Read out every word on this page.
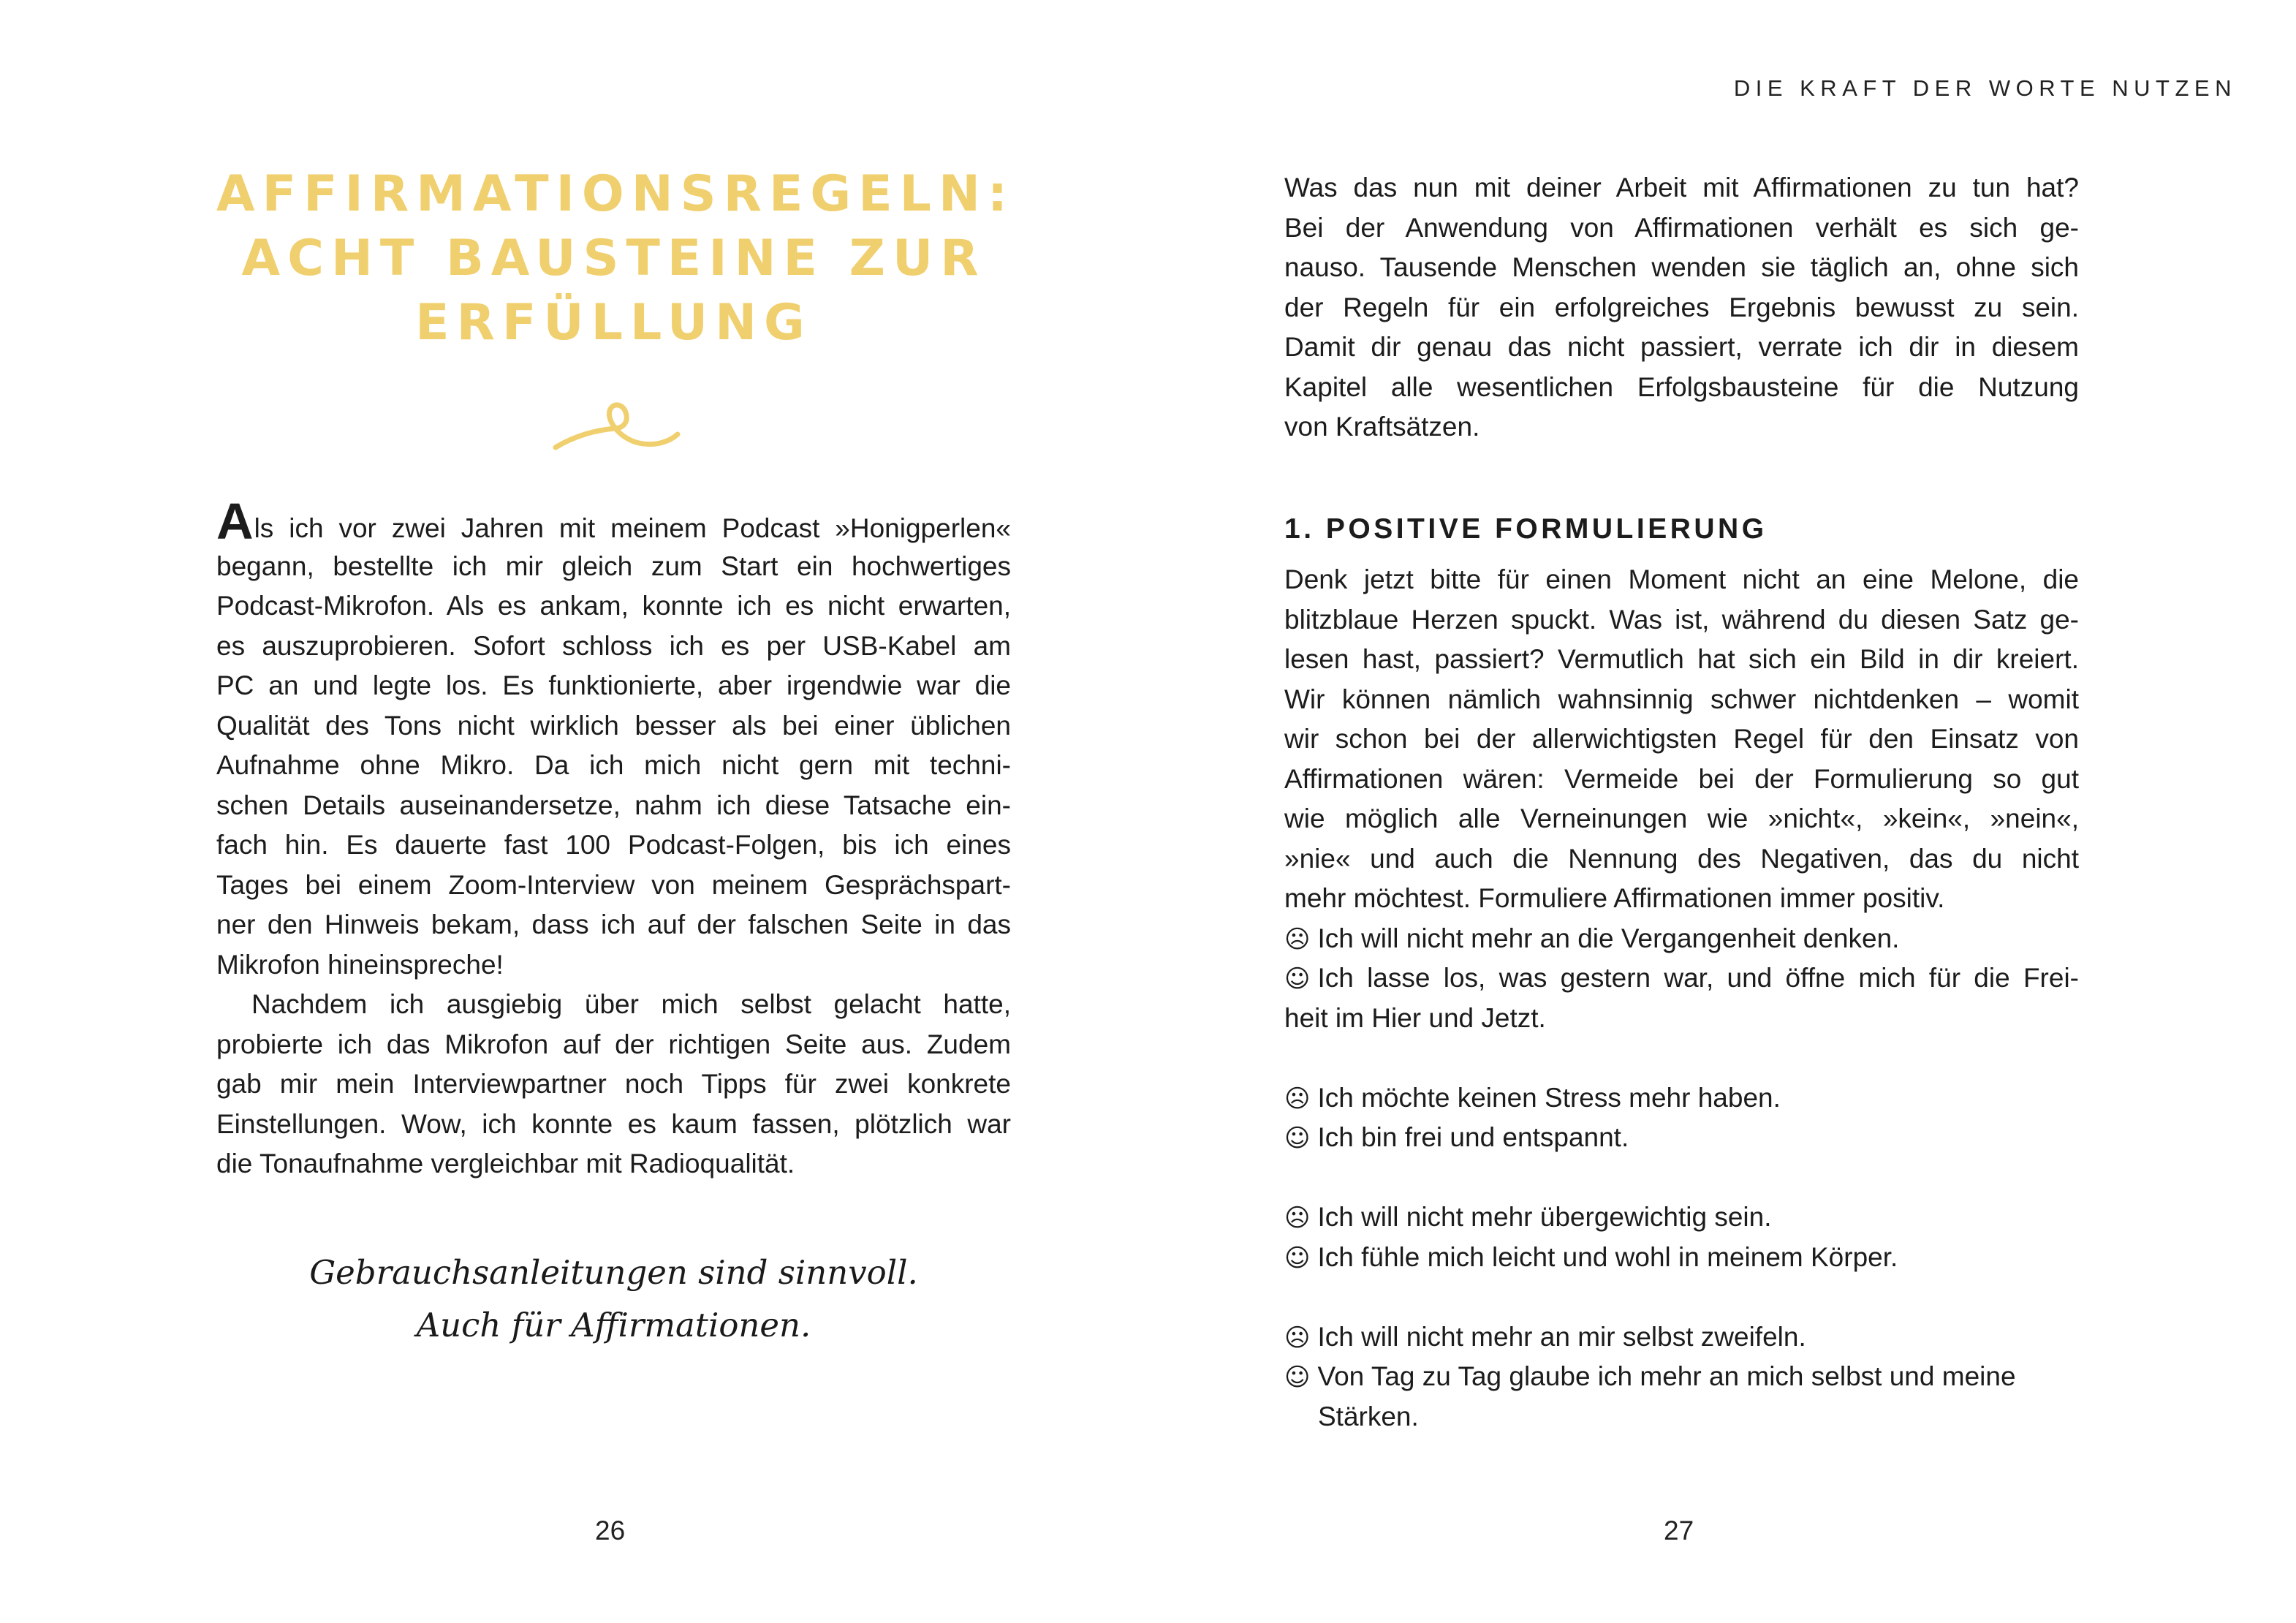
DIE KRAFT DER WORTE NUTZEN
AFFIRMATIONSREGELN:
ACHT BAUSTEINE ZUR
ERFÜLLUNG

Als ich vor zwei Jahren mit meinem Podcast »Honigperlen«
begann, bestellte ich mir gleich zum Start ein hochwertiges
Podcast-Mikrofon. Als es ankam, konnte ich es nicht erwarten,
es auszuprobieren. Sofort schloss ich es per USB-Kabel am
PC an und legte los. Es funktionierte, aber irgendwie war die
Qualität des Tons nicht wirklich besser als bei einer üblichen
Aufnahme ohne Mikro. Da ich mich nicht gern mit techni-
schen Details auseinandersetze, nahm ich diese Tatsache ein-
fach hin. Es dauerte fast 100 Podcast-Folgen, bis ich eines
Tages bei einem Zoom-Interview von meinem Gesprächspart-
ner den Hinweis bekam, dass ich auf der falschen Seite in das
Mikrofon hineinspreche!

Nachdem ich ausgiebig über mich selbst gelacht hatte,
probierte ich das Mikrofon auf der richtigen Seite aus. Zudem
gab mir mein Interviewpartner noch Tipps für zwei konkrete
Einstellungen. Wow, ich konnte es kaum fassen, plötzlich war
die Tonaufnahme vergleichbar mit Radioqualität.

Gebrauchsanleitungen sind sinnvoll.
Auch für Affirmationen.
26
Was das nun mit deiner Arbeit mit Affirmationen zu tun hat?
Bei der Anwendung von Affirmationen verhält es sich ge-
nauso. Tausende Menschen wenden sie täglich an, ohne sich
der Regeln für ein erfolgreiches Ergebnis bewusst zu sein.
Damit dir genau das nicht passiert, verrate ich dir in diesem
Kapitel alle wesentlichen Erfolgsbausteine für die Nutzung
von Kraftsätzen.
1. POSITIVE FORMULIERUNG
Denk jetzt bitte für einen Moment nicht an eine Melone, die
blitzblaue Herzen spuckt. Was ist, während du diesen Satz ge-
lesen hast, passiert? Vermutlich hat sich ein Bild in dir kreiert.
Wir können nämlich wahnsinnig schwer nichtdenken – womit
wir schon bei der allerwichtigsten Regel für den Einsatz von
Affirmationen wären: Vermeide bei der Formulierung so gut
wie möglich alle Verneinungen wie »nicht«, »kein«, »nein«,
»nie« und auch die Nennung des Negativen, das du nicht
mehr möchtest. Formuliere Affirmationen immer positiv.
☹ Ich will nicht mehr an die Vergangenheit denken.
☺ Ich lasse los, was gestern war, und öffne mich für die Frei-
heit im Hier und Jetzt.
☹ Ich möchte keinen Stress mehr haben.
☺ Ich bin frei und entspannt.
☹ Ich will nicht mehr übergewichtig sein.
☺ Ich fühle mich leicht und wohl in meinem Körper.
☹ Ich will nicht mehr an mir selbst zweifeln.
☺ Von Tag zu Tag glaube ich mehr an mich selbst und meine
Stärken.
27
